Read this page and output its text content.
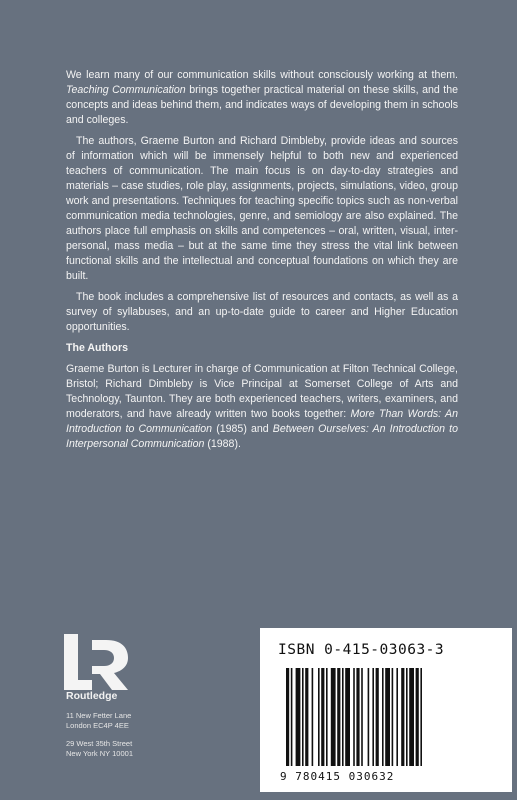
We learn many of our communication skills without consciously working at them. Teaching Communication brings together practical material on these skills, and the concepts and ideas behind them, and indicates ways of developing them in schools and colleges.

The authors, Graeme Burton and Richard Dimbleby, provide ideas and sources of information which will be immensely helpful to both new and experienced teachers of communication. The main focus is on day-to-day strategies and materials – case studies, role play, assignments, projects, simulations, video, group work and presentations. Techniques for teaching specific topics such as non-verbal communication media technologies, genre, and semiology are also explained. The authors place full emphasis on skills and competences – oral, written, visual, inter-personal, mass media – but at the same time they stress the vital link between functional skills and the intellectual and conceptual foundations on which they are built.

The book includes a comprehensive list of resources and contacts, as well as a survey of syllabuses, and an up-to-date guide to career and Higher Education opportunities.

The Authors

Graeme Burton is Lecturer in charge of Communication at Filton Technical College, Bristol; Richard Dimbleby is Vice Principal at Somerset College of Arts and Technology, Taunton. They are both experienced teachers, writers, examiners, and moderators, and have already written two books together: More Than Words: An Introduction to Communication (1985) and Between Ourselves: An Introduction to Interpersonal Communication (1988).

Routledge
11 New Fetter Lane
London EC4P 4EE
29 West 35th Street
New York NY 10001
ISBN 0-415-03063-3
9 780415 030632
